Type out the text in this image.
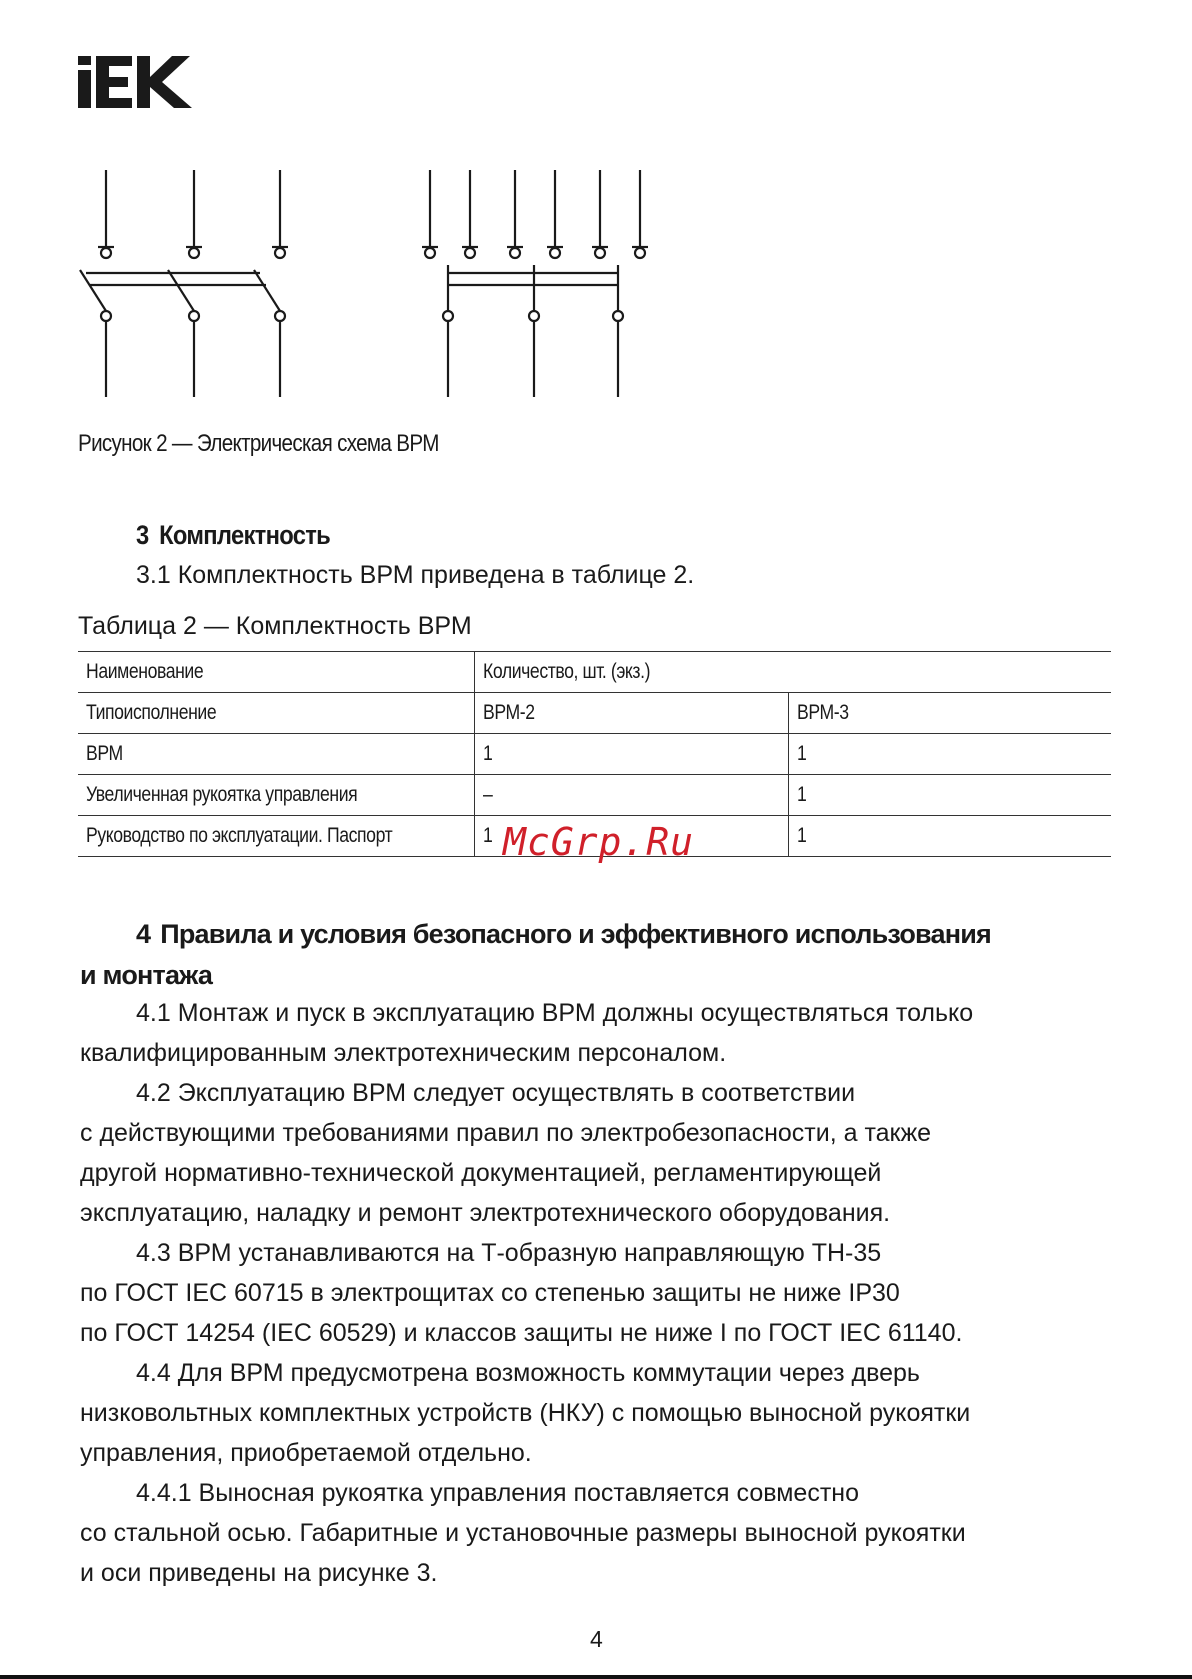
Рисунок 2 — Электрическая схема ВРМ
3 Комплектность
3.1 Комплектность ВРМ приведена в таблице 2.
Таблица 2 — Комплектность ВРМ
Наименование	Количество, шт. (экз.)	
Типоисполнение	ВРМ-2	ВРМ-3
ВРМ	1	1
Увеличенная рукоятка управления	–	1
Руководство по эксплуатации. Паспорт	1	1
McGrp.Ru
4 Правила и условия безопасного и эффективного использования
и монтажа

4.1 Монтаж и пуск в эксплуатацию ВРМ должны осуществляться только
квалифицированным электротехническим персоналом.

4.2 Эксплуатацию ВРМ следует осуществлять в соответствии
с действующими требованиями правил по электробезопасности, а также
другой нормативно-технической документацией, регламентирующей
эксплуатацию, наладку и ремонт электротехнического оборудования.

4.3 ВРМ устанавливаются на Т-образную направляющую ТН-35
по ГОСТ IEC 60715 в электрощитах со степенью защиты не ниже IP30
по ГОСТ 14254 (IEC 60529) и классов защиты не ниже I по ГОСТ IEC 61140.

4.4 Для ВРМ предусмотрена возможность коммутации через дверь
низковольтных комплектных устройств (НКУ) с помощью выносной рукоятки
управления, приобретаемой отдельно.

4.4.1 Выносная рукоятка управления поставляется совместно
со стальной осью. Габаритные и установочные размеры выносной рукоятки
и оси приведены на рисунке 3.

4
